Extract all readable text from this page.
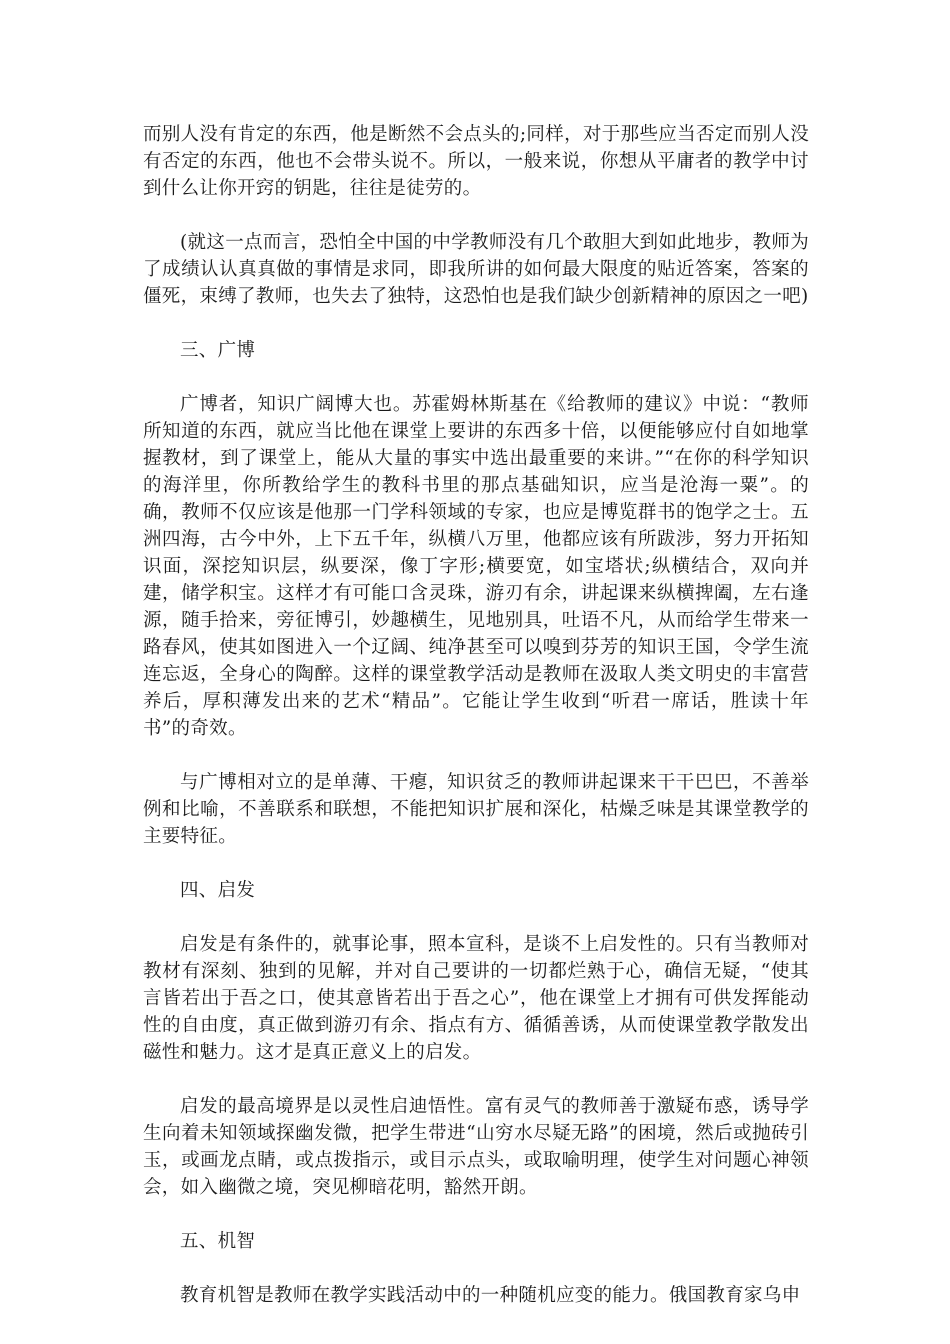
而别人没有肯定的东西，他是断然不会点头的;同样，对于那些应当否定而别人没有否定的东西，他也不会带头说不。所以，一般来说，你想从平庸者的教学中讨到什么让你开窍的钥匙，往往是徒劳的。

(就这一点而言，恐怕全中国的中学教师没有几个敢胆大到如此地步，教师为了成绩认认真真做的事情是求同，即我所讲的如何最大限度的贴近答案，答案的僵死，束缚了教师，也失去了独特，这恐怕也是我们缺少创新精神的原因之一吧)

三、广博

广博者，知识广阔博大也。苏霍姆林斯基在《给教师的建议》中说：“教师所知道的东西，就应当比他在课堂上要讲的东西多十倍，以便能够应付自如地掌握教材，到了课堂上，能从大量的事实中选出最重要的来讲。”“在你的科学知识的海洋里，你所教给学生的教科书里的那点基础知识，应当是沧海一粟”。的确，教师不仅应该是他那一门学科领域的专家，也应是博览群书的饱学之士。五洲四海，古今中外，上下五千年，纵横八万里，他都应该有所跋涉，努力开拓知识面，深挖知识层，纵要深，像丁字形;横要宽，如宝塔状;纵横结合，双向并建，储学积宝。这样才有可能口含灵珠，游刃有余，讲起课来纵横捭阖，左右逢源，随手拾来，旁征博引，妙趣横生，见地别具，吐语不凡，从而给学生带来一路春风，使其如图进入一个辽阔、纯净甚至可以嗅到芬芳的知识王国，令学生流连忘返，全身心的陶醉。这样的课堂教学活动是教师在汲取人类文明史的丰富营养后，厚积薄发出来的艺术“精品”。它能让学生收到“听君一席话，胜读十年书”的奇效。

与广博相对立的是单薄、干瘪，知识贫乏的教师讲起课来干干巴巴，不善举例和比喻，不善联系和联想，不能把知识扩展和深化，枯燥乏味是其课堂教学的主要特征。

四、启发

启发是有条件的，就事论事，照本宣科，是谈不上启发性的。只有当教师对教材有深刻、独到的见解，并对自己要讲的一切都烂熟于心，确信无疑，“使其言皆若出于吾之口，使其意皆若出于吾之心”，他在课堂上才拥有可供发挥能动性的自由度，真正做到游刃有余、指点有方、循循善诱，从而使课堂教学散发出磁性和魅力。这才是真正意义上的启发。

启发的最高境界是以灵性启迪悟性。富有灵气的教师善于激疑布惑，诱导学生向着未知领域探幽发微，把学生带进“山穷水尽疑无路”的困境，然后或抛砖引玉，或画龙点睛，或点拨指示，或目示点头，或取喻明理，使学生对问题心神领会，如入幽微之境，突见柳暗花明，豁然开朗。

五、机智

教育机智是教师在教学实践活动中的一种随机应变的能力。俄国教育家乌申
